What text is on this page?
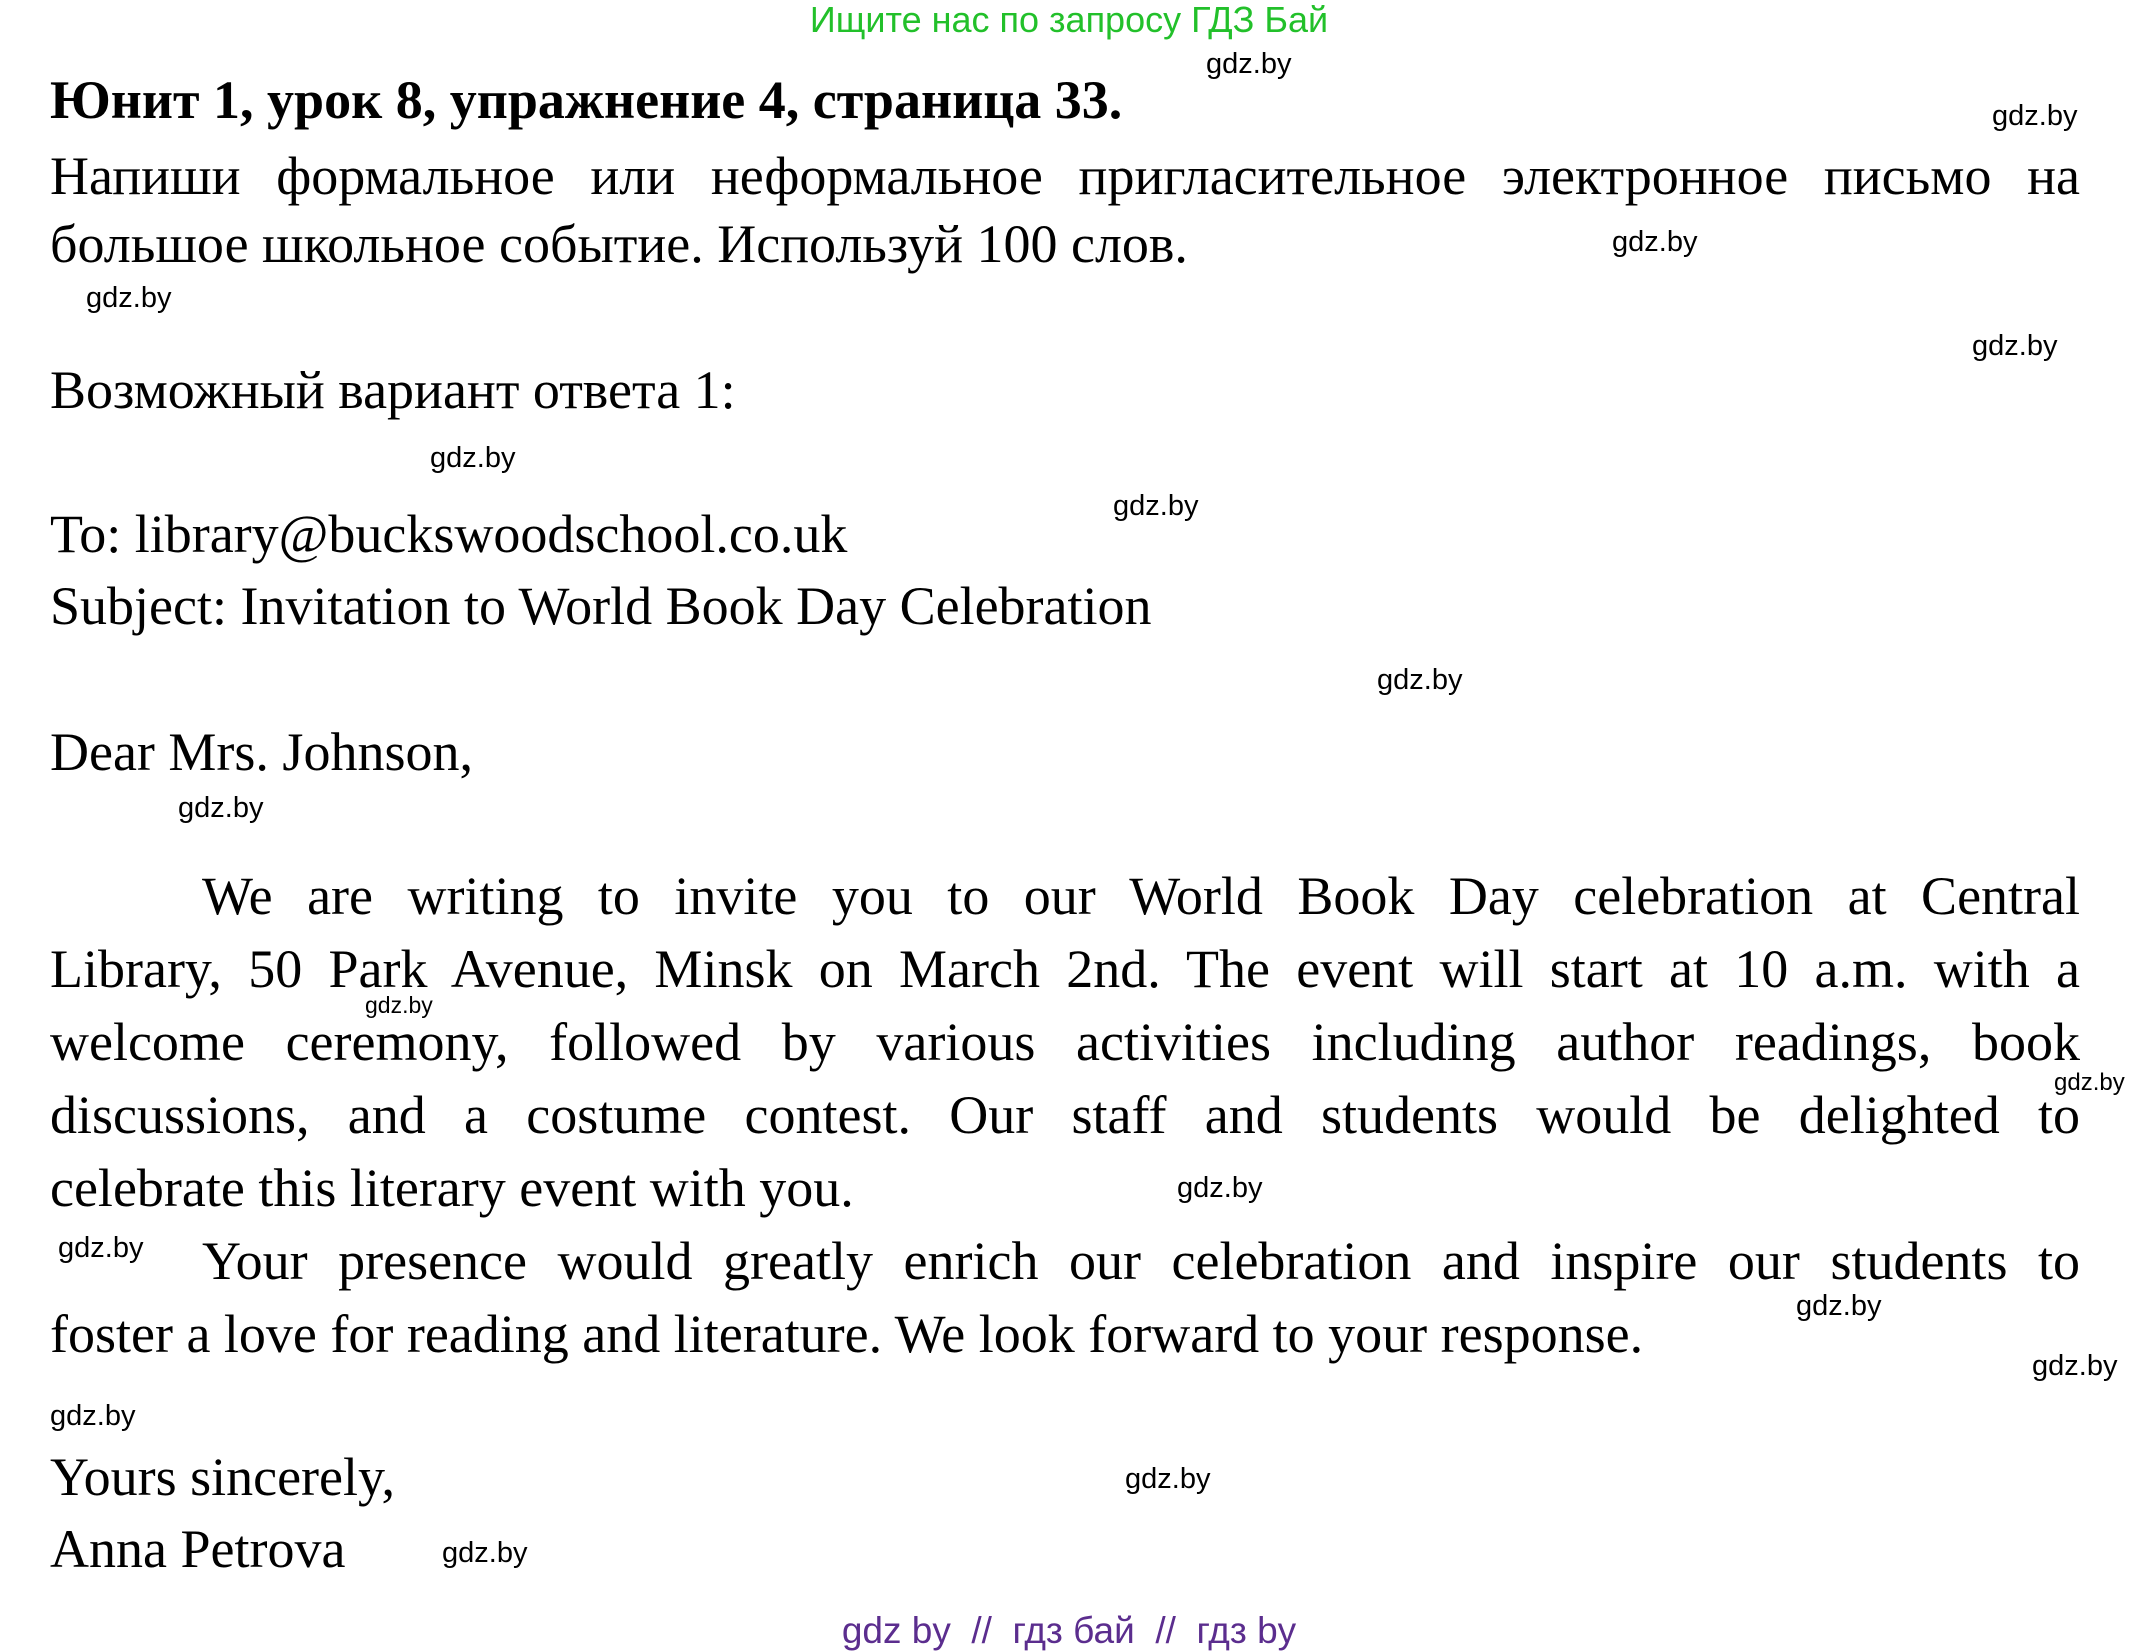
Ищите нас по запросу ГДЗ Бай
Юнит 1, урок 8, упражнение 4, страница 33.
Напиши формальное или неформальное пригласительное электронное письмо на
большое школьное событие. Используй 100 слов.
Возможный вариант ответа 1:
To: library@buckswoodschool.co.uk
Subject: Invitation to World Book Day Celebration
Dear Mrs. Johnson,
We are writing to invite you to our World Book Day celebration at Central
Library, 50 Park Avenue, Minsk on March 2nd. The event will start at 10 a.m. with a
welcome ceremony, followed by various activities including author readings, book
discussions, and a costume contest. Our staff and students would be delighted to
celebrate this literary event with you.
Your presence would greatly enrich our celebration and inspire our students to
foster a love for reading and literature. We look forward to your response.
Yours sincerely,
Anna Petrova
gdz.by
gdz.by
gdz.by
gdz.by
gdz.by
gdz.by
gdz.by
gdz.by
gdz.by
gdz.by
gdz.by
gdz.by
gdz.by
gdz.by
gdz.by
gdz.by
gdz.by
gdz.by
gdz by  //  гдз бай  //  гдз by
